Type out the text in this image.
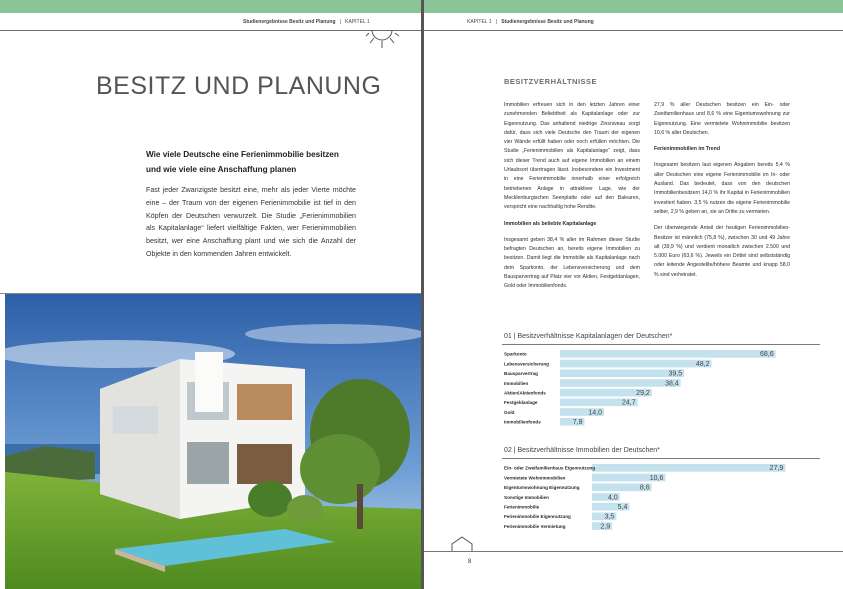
Studienergebnisse Besitz und Planung   |   KAPITEL 1
BESITZ UND PLANUNG
Wie viele Deutsche eine Ferienimmobilie besitzen und wie viele eine Anschaffung planen
Fast jeder Zwanzigste besitzt eine, mehr als jeder Vierte möchte eine – der Traum von der eigenen Ferienimmobilie ist tief in den Köpfen der Deutschen verwurzelt. Die Studie „Ferienimmobilien als Kapitalanlage“ liefert vielfältige Fakten, wer Ferienimmobilien besitzt, wer eine Anschaffung plant und wie sich die Anzahl der Objekte in den kommenden Jahren entwickelt.
KAPITEL 1   |   Studienergebnisse Besitz und Planung
BESITZVERHÄLTNISSE

Immobilien erfreuen sich in den letzten Jahren einer zunehmenden Beliebtheit als Kapitalanlage oder zur Eigennutzung. Das anhaltend niedrige Zinsniveau sorgt dafür, dass sich viele Deutsche den Traum der eigenen vier Wände erfüllt haben oder noch erfüllen möchten. Die Studie „Ferienimmobilien als Kapitalanlage“ zeigt, dass sich dieser Trend auch auf eigene Immobilien an einem Urlaubsort übertragen lässt. Insbesondere ein Investment in eine Ferienimmobilie innerhalb einer erfolgreich betriebenen Anlage in attraktiver Lage, wie der Mecklenburgischen Seenplatte oder auf den Balearen, verspricht eine nachhaltig hohe Rendite.

Immobilien als beliebte Kapitalanlage

Insgesamt geben 38,4 % aller im Rahmen dieser Studie befragten Deutschen an, bereits eigene Immobilien zu besitzen. Damit liegt die Immobilie als Kapitalanlage nach dem Sparkonto, der Lebensversicherung und dem Bausparvertrag auf Platz vier vor Aktien, Festgeldanlagen, Gold oder Immobilienfonds.

27,9 % aller Deutschen besitzen ein Ein- oder Zweifamilienhaus und 8,6 % eine Eigentumswohnung zur Eigennutzung. Eine vermietete Wohnimmobilie besitzen 10,6 % aller Deutschen.

Ferienimmobilien im Trend

Insgesamt besitzen laut eigenen Angaben bereits 5,4 % aller Deutschen eine eigene Ferienimmobilie im In- oder Ausland. Das bedeutet, dass von den deutschen Immobilienbesitzern 14,0 % ihr Kapital in Ferienimmobilien investiert haben. 3,5 % nutzen die eigene Ferienimmobilie selber, 2,9 % geben an, sie an Dritte zu vermieten.

Der überwiegende Anteil der heutigen Ferienimmobilien-Besitzer ist männlich (75,8 %), zwischen 30 und 49 Jahre alt (39,9 %) und verdient monatlich zwischen 2.500 und 5.000 Euro (63,6 %). Jeweils ein Drittel sind selbstständig oder leitende Angestellte/höhere Beamte und knapp 58,0 % sind verheiratet.

01 | Besitzverhältnisse Kapitalanlagen der Deutschen*
Sparkonto	68,6
Lebensversicherung	48,2
Bausparvertrag	39,5
Immobilien	38,4
Aktien/Aktienfonds	29,2
Festgeldanlage	24,7
Gold	14,0
Immobilienfonds	7,8
02 | Besitzverhältnisse Immobilien der Deutschen*
Ein- oder Zweifamilienhaus Eigennutzung	27,9
Vermietete Wohnimmobilien	10,6
Eigentumswohnung Eigennutzung	8,6
Sonstige Immobilien	4,0
Ferienimmobilie	5,4
Ferienimmobilie Eigennutzung	3,5
Ferienimmobilie Vermietung	2,9
8
